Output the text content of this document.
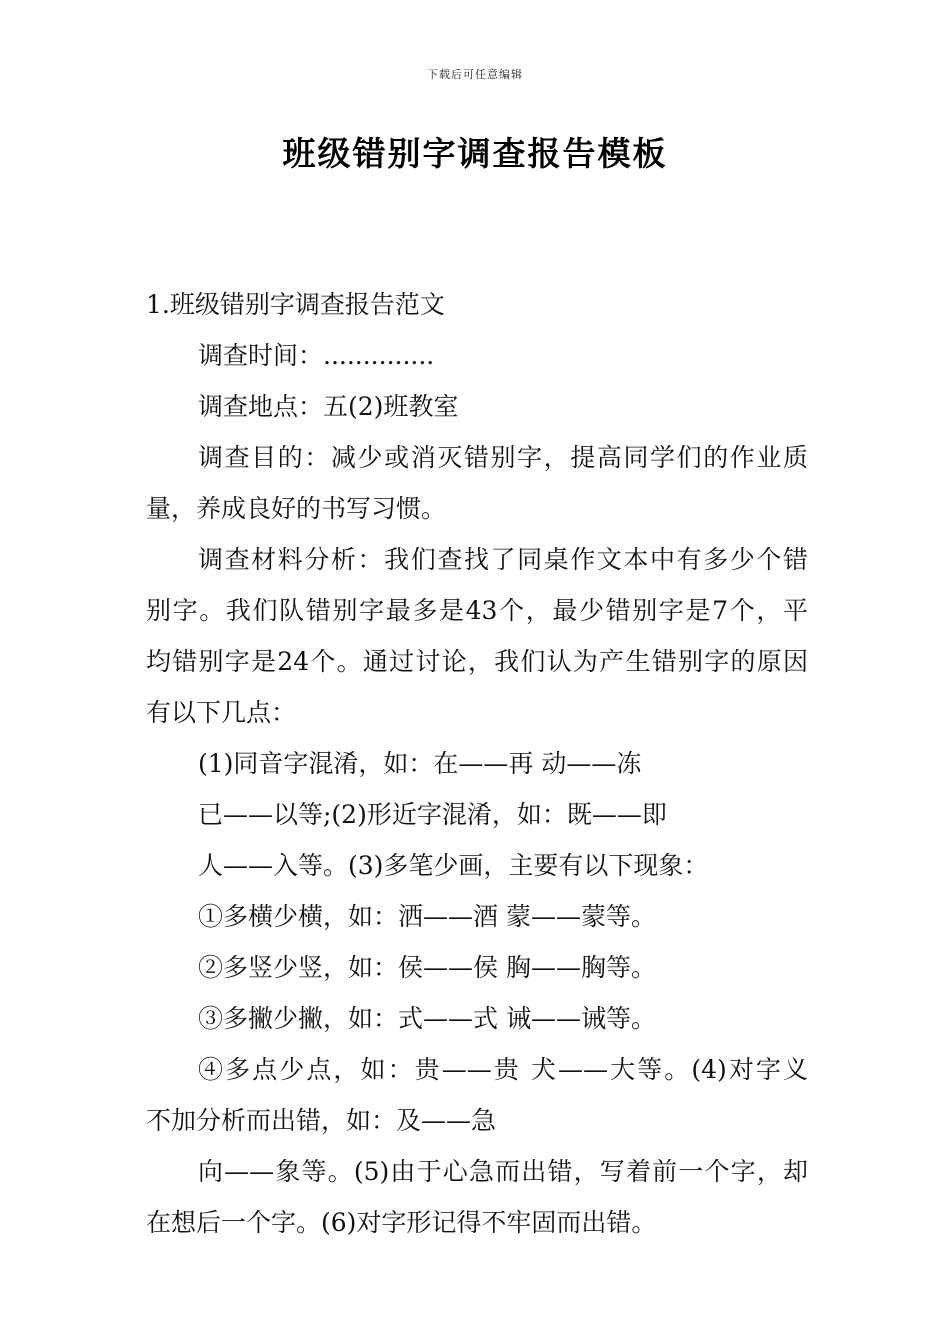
下载后可任意编辑
班级错别字调查报告模板
1.班级错别字调查报告范文
调查时间：..............
调查地点：五(2)班教室
调查目的：减少或消灭错别字，提高同学们的作业质
量，养成良好的书写习惯。
调查材料分析：我们查找了同桌作文本中有多少个错
别字。我们队错别字最多是43个，最少错别字是7个，平
均错别字是24个。通过讨论，我们认为产生错别字的原因
有以下几点：
(1)同音字混淆，如：在——再 动——冻
已——以等;(2)形近字混淆，如：既——即
人——入等。(3)多笔少画，主要有以下现象：
①多横少横，如：洒——酒 蒙——蒙等。
②多竖少竖，如：侯——侯 胸——胸等。
③多撇少撇，如：式——式 诫——诫等。
④多点少点，如：贵——贵 犬——大等。(4)对字义
不加分析而出错，如：及——急
向——象等。(5)由于心急而出错，写着前一个字，却
在想后一个字。(6)对字形记得不牢固而出错。
